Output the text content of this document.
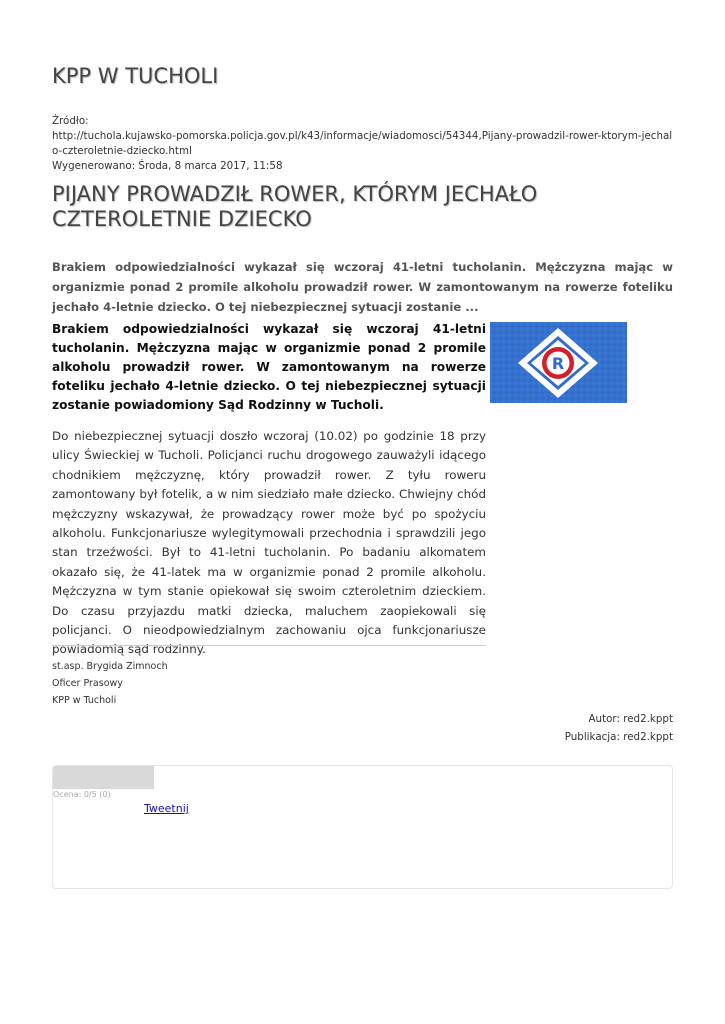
KPP W TUCHOLI
Źródło:
http://tuchola.kujawsko-pomorska.policja.gov.pl/k43/informacje/wiadomosci/54344,Pijany-prowadzil-rower-ktorym-jechalo-czteroletnie-dziecko.html
Wygenerowano: Środa, 8 marca 2017, 11:58
PIJANY PROWADZIŁ ROWER, KTÓRYM JECHAŁO CZTEROLETNIE DZIECKO
Brakiem odpowiedzialności wykazał się wczoraj 41-letni tucholanin. Mężczyzna mając w organizmie ponad 2 promile alkoholu prowadził rower. W zamontowanym na rowerze foteliku jechało 4-letnie dziecko. O tej niebezpiecznej sytuacji zostanie ...
Brakiem odpowiedzialności wykazał się wczoraj 41-letni tucholanin. Mężczyzna mając w organizmie ponad 2 promile alkoholu prowadził rower. W zamontowanym na rowerze foteliku jechało 4-letnie dziecko. O tej niebezpiecznej sytuacji zostanie powiadomiony Sąd Rodzinny w Tucholi.
R
Do niebezpiecznej sytuacji doszło wczoraj (10.02) po godzinie 18 przy ulicy Świeckiej w Tucholi. Policjanci ruchu drogowego zauważyli idącego chodnikiem mężczyznę, który prowadził rower. Z tyłu roweru zamontowany był fotelik, a w nim siedziało małe dziecko. Chwiejny chód mężczyzny wskazywał, że prowadzący rower może być po spożyciu alkoholu. Funkcjonariusze wylegitymowali przechodnia i sprawdzili jego stan trzeźwości. Był to 41-letni tucholanin. Po badaniu alkomatem okazało się, że 41-latek ma w organizmie ponad 2 promile alkoholu. Mężczyzna w tym stanie opiekował się swoim czteroletnim dzieckiem. Do czasu przyjazdu matki dziecka, maluchem zaopiekowali się policjanci. O nieodpowiedzialnym zachowaniu ojca funkcjonariusze powiadomią sąd rodzinny.
st.asp. Brygida Zimnoch
Oficer Prasowy
KPP w Tucholi
Autor: red2.kppt
Publikacja: red2.kppt
Ocena: 0/5 (0)
Tweetnij
